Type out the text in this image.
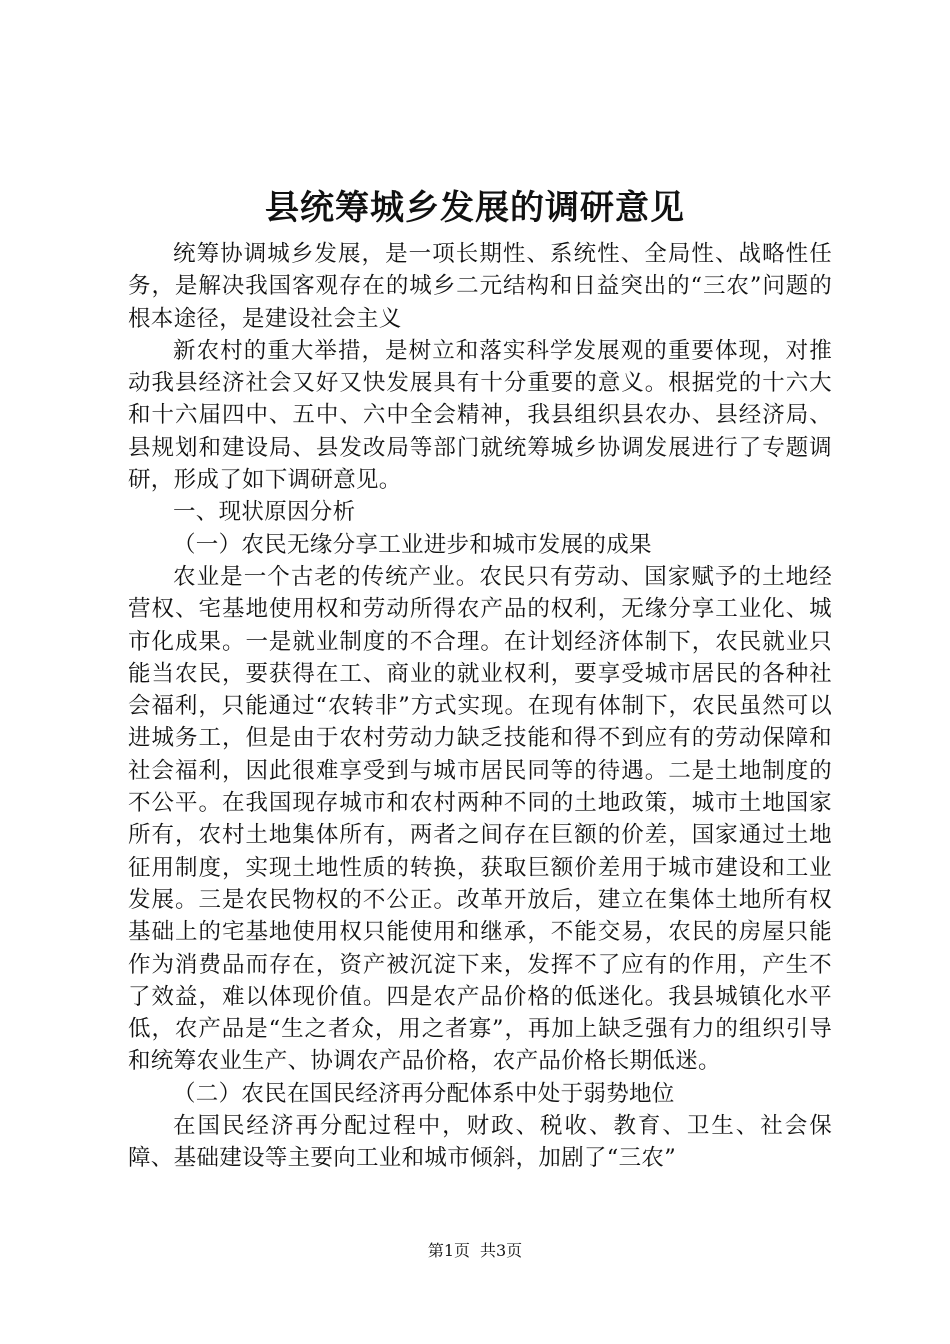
县统筹城乡发展的调研意见

统筹协调城乡发展，是一项长期性、系统性、全局性、战略性任务，是解决我国客观存在的城乡二元结构和日益突出的“三农”问题的根本途径，是建设社会主义

新农村的重大举措，是树立和落实科学发展观的重要体现，对推动我县经济社会又好又快发展具有十分重要的意义。根据党的十六大和十六届四中、五中、六中全会精神，我县组织县农办、县经济局、县规划和建设局、县发改局等部门就统筹城乡协调发展进行了专题调研，形成了如下调研意见。

一、现状原因分析

（一）农民无缘分享工业进步和城市发展的成果

农业是一个古老的传统产业。农民只有劳动、国家赋予的土地经营权、宅基地使用权和劳动所得农产品的权利，无缘分享工业化、城市化成果。一是就业制度的不合理。在计划经济体制下，农民就业只能当农民，要获得在工、商业的就业权利，要享受城市居民的各种社会福利，只能通过“农转非”方式实现。在现有体制下，农民虽然可以进城务工，但是由于农村劳动力缺乏技能和得不到应有的劳动保障和社会福利，因此很难享受到与城市居民同等的待遇。二是土地制度的不公平。在我国现存城市和农村两种不同的土地政策，城市土地国家所有，农村土地集体所有，两者之间存在巨额的价差，国家通过土地征用制度，实现土地性质的转换，获取巨额价差用于城市建设和工业发展。三是农民物权的不公正。改革开放后，建立在集体土地所有权基础上的宅基地使用权只能使用和继承，不能交易，农民的房屋只能作为消费品而存在，资产被沉淀下来，发挥不了应有的作用，产生不了效益，难以体现价值。四是农产品价格的低迷化。我县城镇化水平低，农产品是“生之者众，用之者寡”，再加上缺乏强有力的组织引导和统筹农业生产、协调农产品价格，农产品价格长期低迷。

（二）农民在国民经济再分配体系中处于弱势地位

在国民经济再分配过程中，财政、税收、教育、卫生、社会保障、基础建设等主要向工业和城市倾斜，加剧了“三农”

第1页 共3页
